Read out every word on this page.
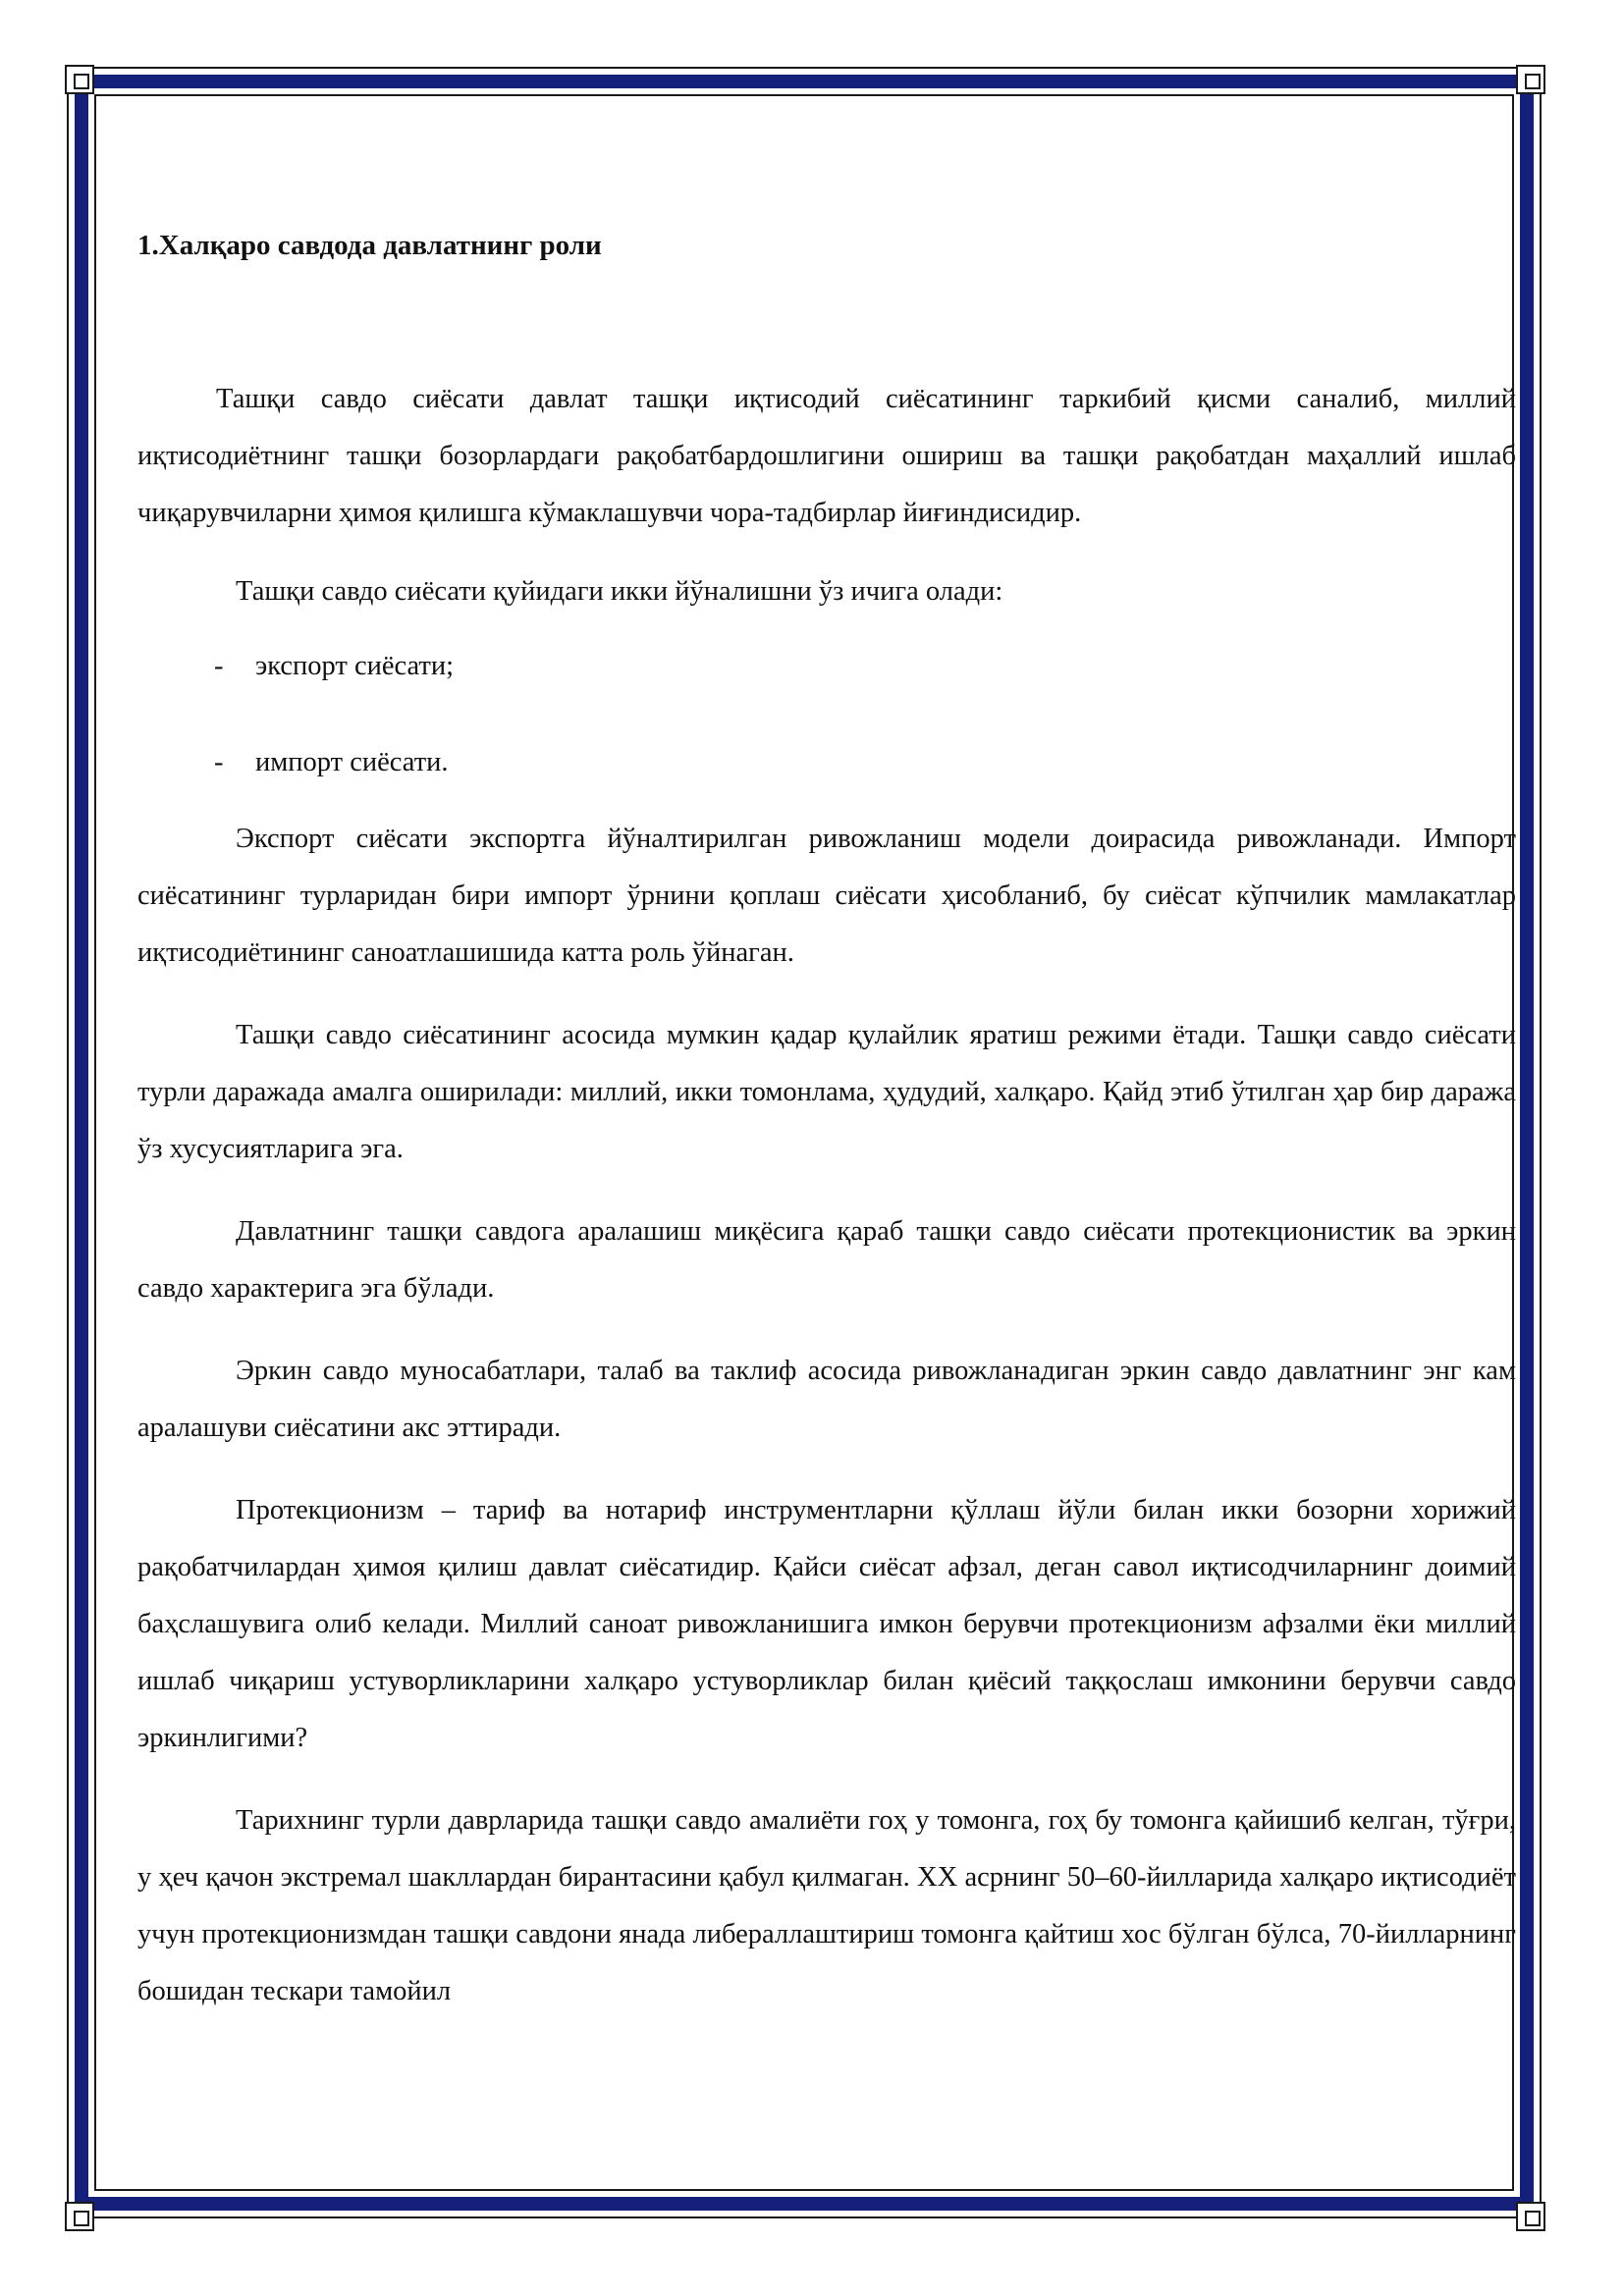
1.Халқаро савдода давлатнинг роли

Ташқи савдо сиёсати давлат ташқи иқтисодий сиёсатининг таркибий қисми саналиб, миллий иқтисодиётнинг ташқи бозорлардаги рақобатбардошлигини ошириш ва ташқи рақобатдан маҳаллий ишлаб чиқарувчиларни ҳимоя қилишга кўмаклашувчи чора-тадбирлар йиғиндисидир.

Ташқи савдо сиёсати қуйидаги икки йўналишни ўз ичига олади:

- экспорт сиёсати;
- импорт сиёсати.

Экспорт сиёсати экспортга йўналтирилган ривожланиш модели доирасида ривожланади. Импорт сиёсатининг турларидан бири импорт ўрнини қоплаш сиёсати ҳисобланиб, бу сиёсат кўпчилик мамлакатлар иқтисодиётининг саноатлашишида катта роль ўйнаган.

Ташқи савдо сиёсатининг асосида мумкин қадар қулайлик яратиш режими ётади. Ташқи савдо сиёсати турли даражада амалга оширилади: миллий, икки томонлама, ҳудудий, халқаро. Қайд этиб ўтилган ҳар бир даража ўз хусусиятларига эга.

Давлатнинг ташқи савдога аралашиш миқёсига қараб ташқи савдо сиёсати протекционистик ва эркин савдо характерига эга бўлади.

Эркин савдо муносабатлари, талаб ва таклиф асосида ривожланадиган эркин савдо давлатнинг энг кам аралашуви сиёсатини акс эттиради.

Протекционизм – тариф ва нотариф инструментларни қўллаш йўли билан икки бозорни хорижий рақобатчилардан ҳимоя қилиш давлат сиёсатидир. Қайси сиёсат афзал, деган савол иқтисодчиларнинг доимий баҳслашувига олиб келади. Миллий саноат ривожланишига имкон берувчи протекционизм афзалми ёки миллий ишлаб чиқариш устуворликларини халқаро устуворликлар билан қиёсий таққослаш имконини берувчи савдо эркинлигими?

Тарихнинг турли даврларида ташқи савдо амалиёти гоҳ у томонга, гоҳ бу томонга қайишиб келган, тўғри, у ҳеч қачон экстремал шакллардан бирантасини қабул қилмаган. XX асрнинг 50–60-йилларида халқаро иқтисодиёт учун протекционизмдан ташқи савдони янада либераллаштириш томонга қайтиш хос бўлган бўлса, 70-йилларнинг бошидан тескари тамойил
